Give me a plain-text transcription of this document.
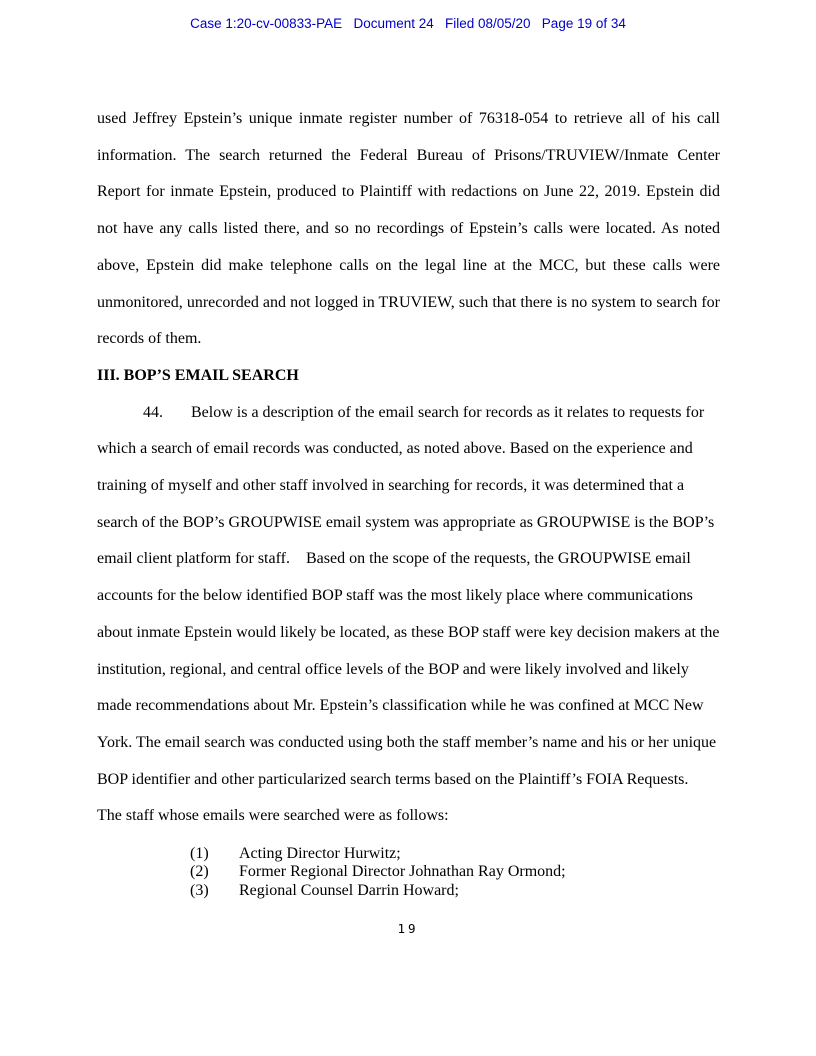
Case 1:20-cv-00833-PAE   Document 24   Filed 08/05/20   Page 19 of 34

used Jeffrey Epstein’s unique inmate register number of 76318-054 to retrieve all of his call information. The search returned the Federal Bureau of Prisons/TRUVIEW/Inmate Center Report for inmate Epstein, produced to Plaintiff with redactions on June 22, 2019. Epstein did not have any calls listed there, and so no recordings of Epstein’s calls were located. As noted above, Epstein did make telephone calls on the legal line at the MCC, but these calls were unmonitored, unrecorded and not logged in TRUVIEW, such that there is no system to search for records of them.

III. BOP’S EMAIL SEARCH

44.       Below is a description of the email search for records as it relates to requests for which a search of email records was conducted, as noted above. Based on the experience and training of myself and other staff involved in searching for records, it was determined that a search of the BOP’s GROUPWISE email system was appropriate as GROUPWISE is the BOP’s email client platform for staff.    Based on the scope of the requests, the GROUPWISE email accounts for the below identified BOP staff was the most likely place where communications about inmate Epstein would likely be located, as these BOP staff were key decision makers at the institution, regional, and central office levels of the BOP and were likely involved and likely made recommendations about Mr. Epstein’s classification while he was confined at MCC New York. The email search was conducted using both the staff member’s name and his or her unique BOP identifier and other particularized search terms based on the Plaintiff’s FOIA Requests.    The staff whose emails were searched were as follows:

(1)	Acting Director Hurwitz;
(2)	Former Regional Director Johnathan Ray Ormond;
(3)	Regional Counsel Darrin Howard;
19
